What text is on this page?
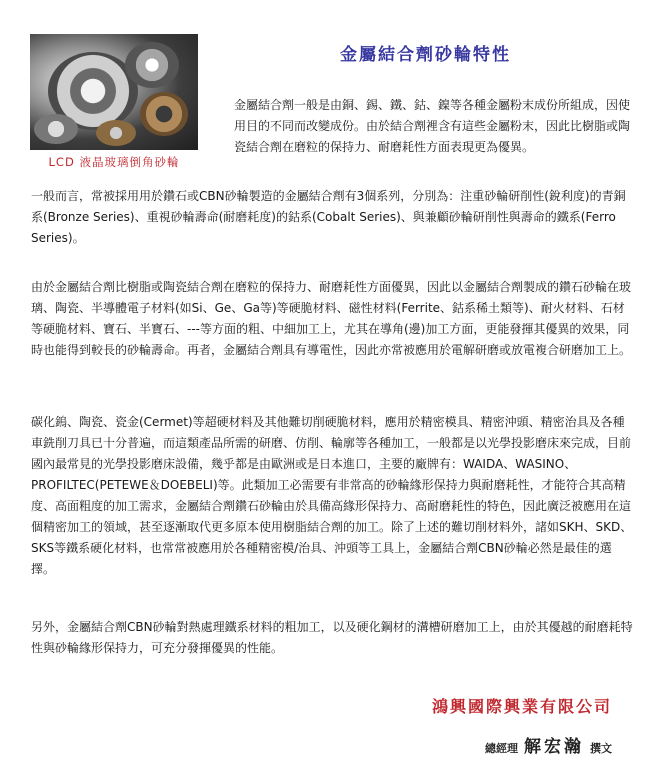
LCD 液晶玻璃倒角砂輪
金屬結合劑砂輪特性

金屬結合劑一般是由銅、錫、鐵、鈷、鎳等各種金屬粉末成份所組成，因使用目的不同而改變成份。由於結合劑裡含有這些金屬粉末，因此比樹脂或陶瓷結合劑在磨粒的保持力、耐磨耗性方面表現更為優異。

一般而言，常被採用用於鑽石或CBN砂輪製造的金屬結合劑有3個系列，分別為：注重砂輪研削性(銳利度)的青銅系(Bronze Series)、重視砂輪壽命(耐磨耗度)的鈷系(Cobalt Series)、與兼顧砂輪研削性與壽命的鐵系(Ferro Series)。

由於金屬結合劑比樹脂或陶瓷結合劑在磨粒的保持力、耐磨耗性方面優異，因此以金屬結合劑製成的鑽石砂輪在玻璃、陶瓷、半導體電子材料(如Si、Ge、Ga等)等硬脆材料、磁性材料(Ferrite、鈷系稀土類等)、耐火材料、石材等硬脆材料、寶石、半寶石、---等方面的粗、中細加工上，尤其在導角(邊)加工方面，更能發揮其優異的效果，同時也能得到較長的砂輪壽命。再者，金屬結合劑具有導電性，因此亦常被應用於電解研磨或放電複合研磨加工上。

碳化鎢、陶瓷、瓷金(Cermet)等超硬材料及其他難切削硬脆材料，應用於精密模具、精密沖頭、精密治具及各種車銑削刀具已十分普遍，而這類產品所需的研磨、仿削、輪廓等各種加工，一般都是以光學投影磨床來完成，目前國內最常見的光學投影磨床設備，幾乎都是由歐洲或是日本進口，主要的廠牌有：WAIDA、WASINO、PROFILTEC(PETEWE＆DOEBELI)等。此類加工必需要有非常高的砂輪緣形保持力與耐磨耗性，才能符合其高精度、高面粗度的加工需求，金屬結合劑鑽石砂輪由於具備高緣形保持力、高耐磨耗性的特色，因此廣泛被應用在這個精密加工的領域，甚至逐漸取代更多原本使用樹脂結合劑的加工。除了上述的難切削材料外，諸如SKH、SKD、SKS等鐵系硬化材料，也常常被應用於各種精密模/治具、沖頭等工具上，金屬結合劑CBN砂輪必然是最佳的選擇。

另外，金屬結合劑CBN砂輪對熱處理鐵系材料的粗加工，以及硬化鋼材的溝槽研磨加工上，由於其優越的耐磨耗特性與砂輪緣形保持力，可充分發揮優異的性能。

鴻興國際興業有限公司
總經理 解宏瀚 撰文
